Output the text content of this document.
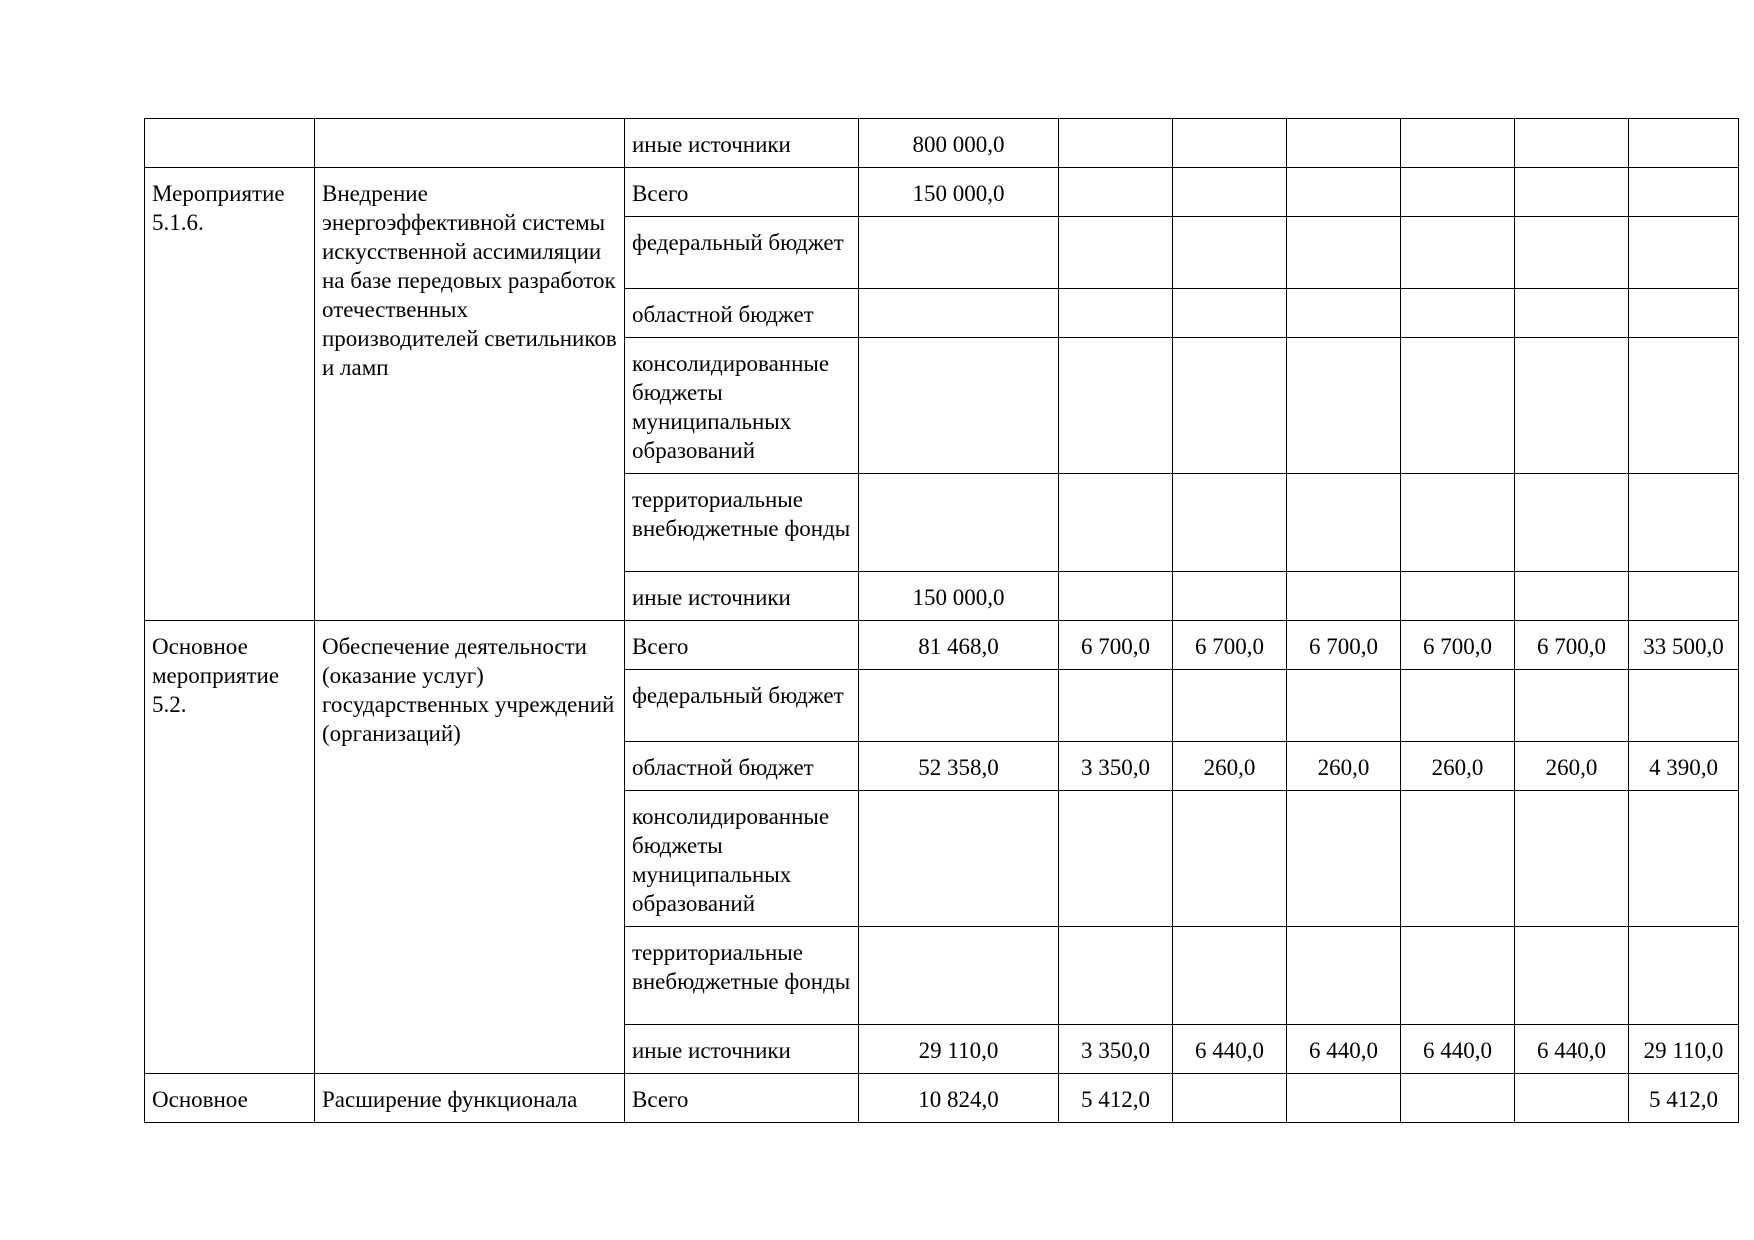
		иные источники	800 000,0						
Мероприятие 5.1.6.	Внедрение энергоэффективной системы искусственной ассимиляции на базе передовых разработок отечественных производителей светильников и ламп	Всего	150 000,0						
		федеральный бюджет							
		областной бюджет							
		консолидированные бюджеты муниципальных образований							
		территориальные внебюджетные фонды							
		иные источники	150 000,0						
Основное мероприятие 5.2.	Обеспечение деятельности (оказание услуг) государственных учреждений (организаций)	Всего	81 468,0	6 700,0	6 700,0	6 700,0	6 700,0	6 700,0	33 500,0
		федеральный бюджет							
		областной бюджет	52 358,0	3 350,0	260,0	260,0	260,0	260,0	4 390,0
		консолидированные бюджеты муниципальных образований							
		территориальные внебюджетные фонды							
		иные источники	29 110,0	3 350,0	6 440,0	6 440,0	6 440,0	6 440,0	29 110,0
Основное	Расширение функционала	Всего	10 824,0	5 412,0					5 412,0
